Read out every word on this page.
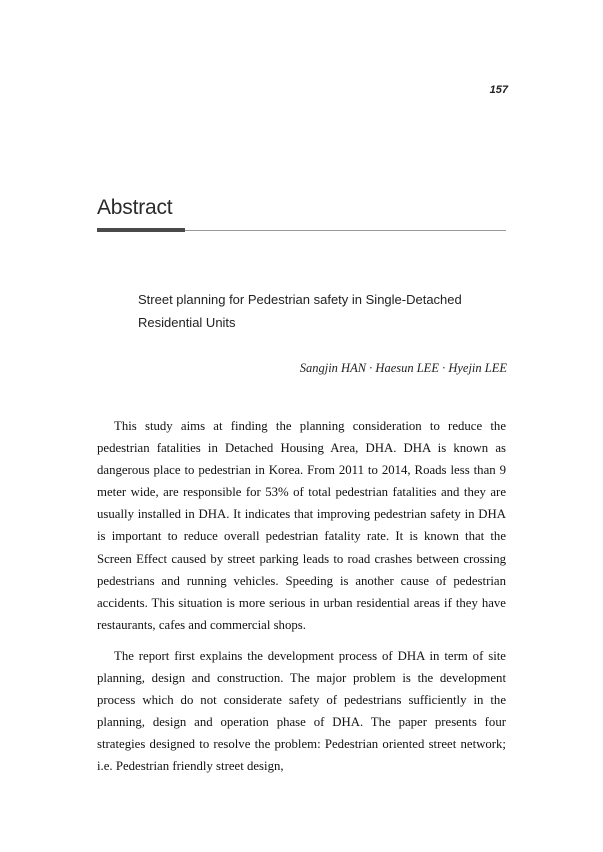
157
Abstract
Street planning for Pedestrian safety in Single-Detached Residential Units
Sangjin HAN · Haesun LEE · Hyejin LEE

This study aims at finding the planning consideration to reduce the pedestrian fatalities in Detached Housing Area, DHA. DHA is known as dangerous place to pedestrian in Korea. From 2011 to 2014, Roads less than 9 meter wide, are responsible for 53% of total pedestrian fatalities and they are usually installed in DHA. It indicates that improving pedestrian safety in DHA is important to reduce overall pedestrian fatality rate. It is known that the Screen Effect caused by street parking leads to road crashes between crossing pedestrians and running vehicles. Speeding is another cause of pedestrian accidents. This situation is more serious in urban residential areas if they have restaurants, cafes and commercial shops.

The report first explains the development process of DHA in term of site planning, design and construction. The major problem is the development process which do not considerate safety of pedestrians sufficiently in the planning, design and operation phase of DHA. The paper presents four strategies designed to resolve the problem: Pedestrian oriented street network; i.e. Pedestrian friendly street design,
